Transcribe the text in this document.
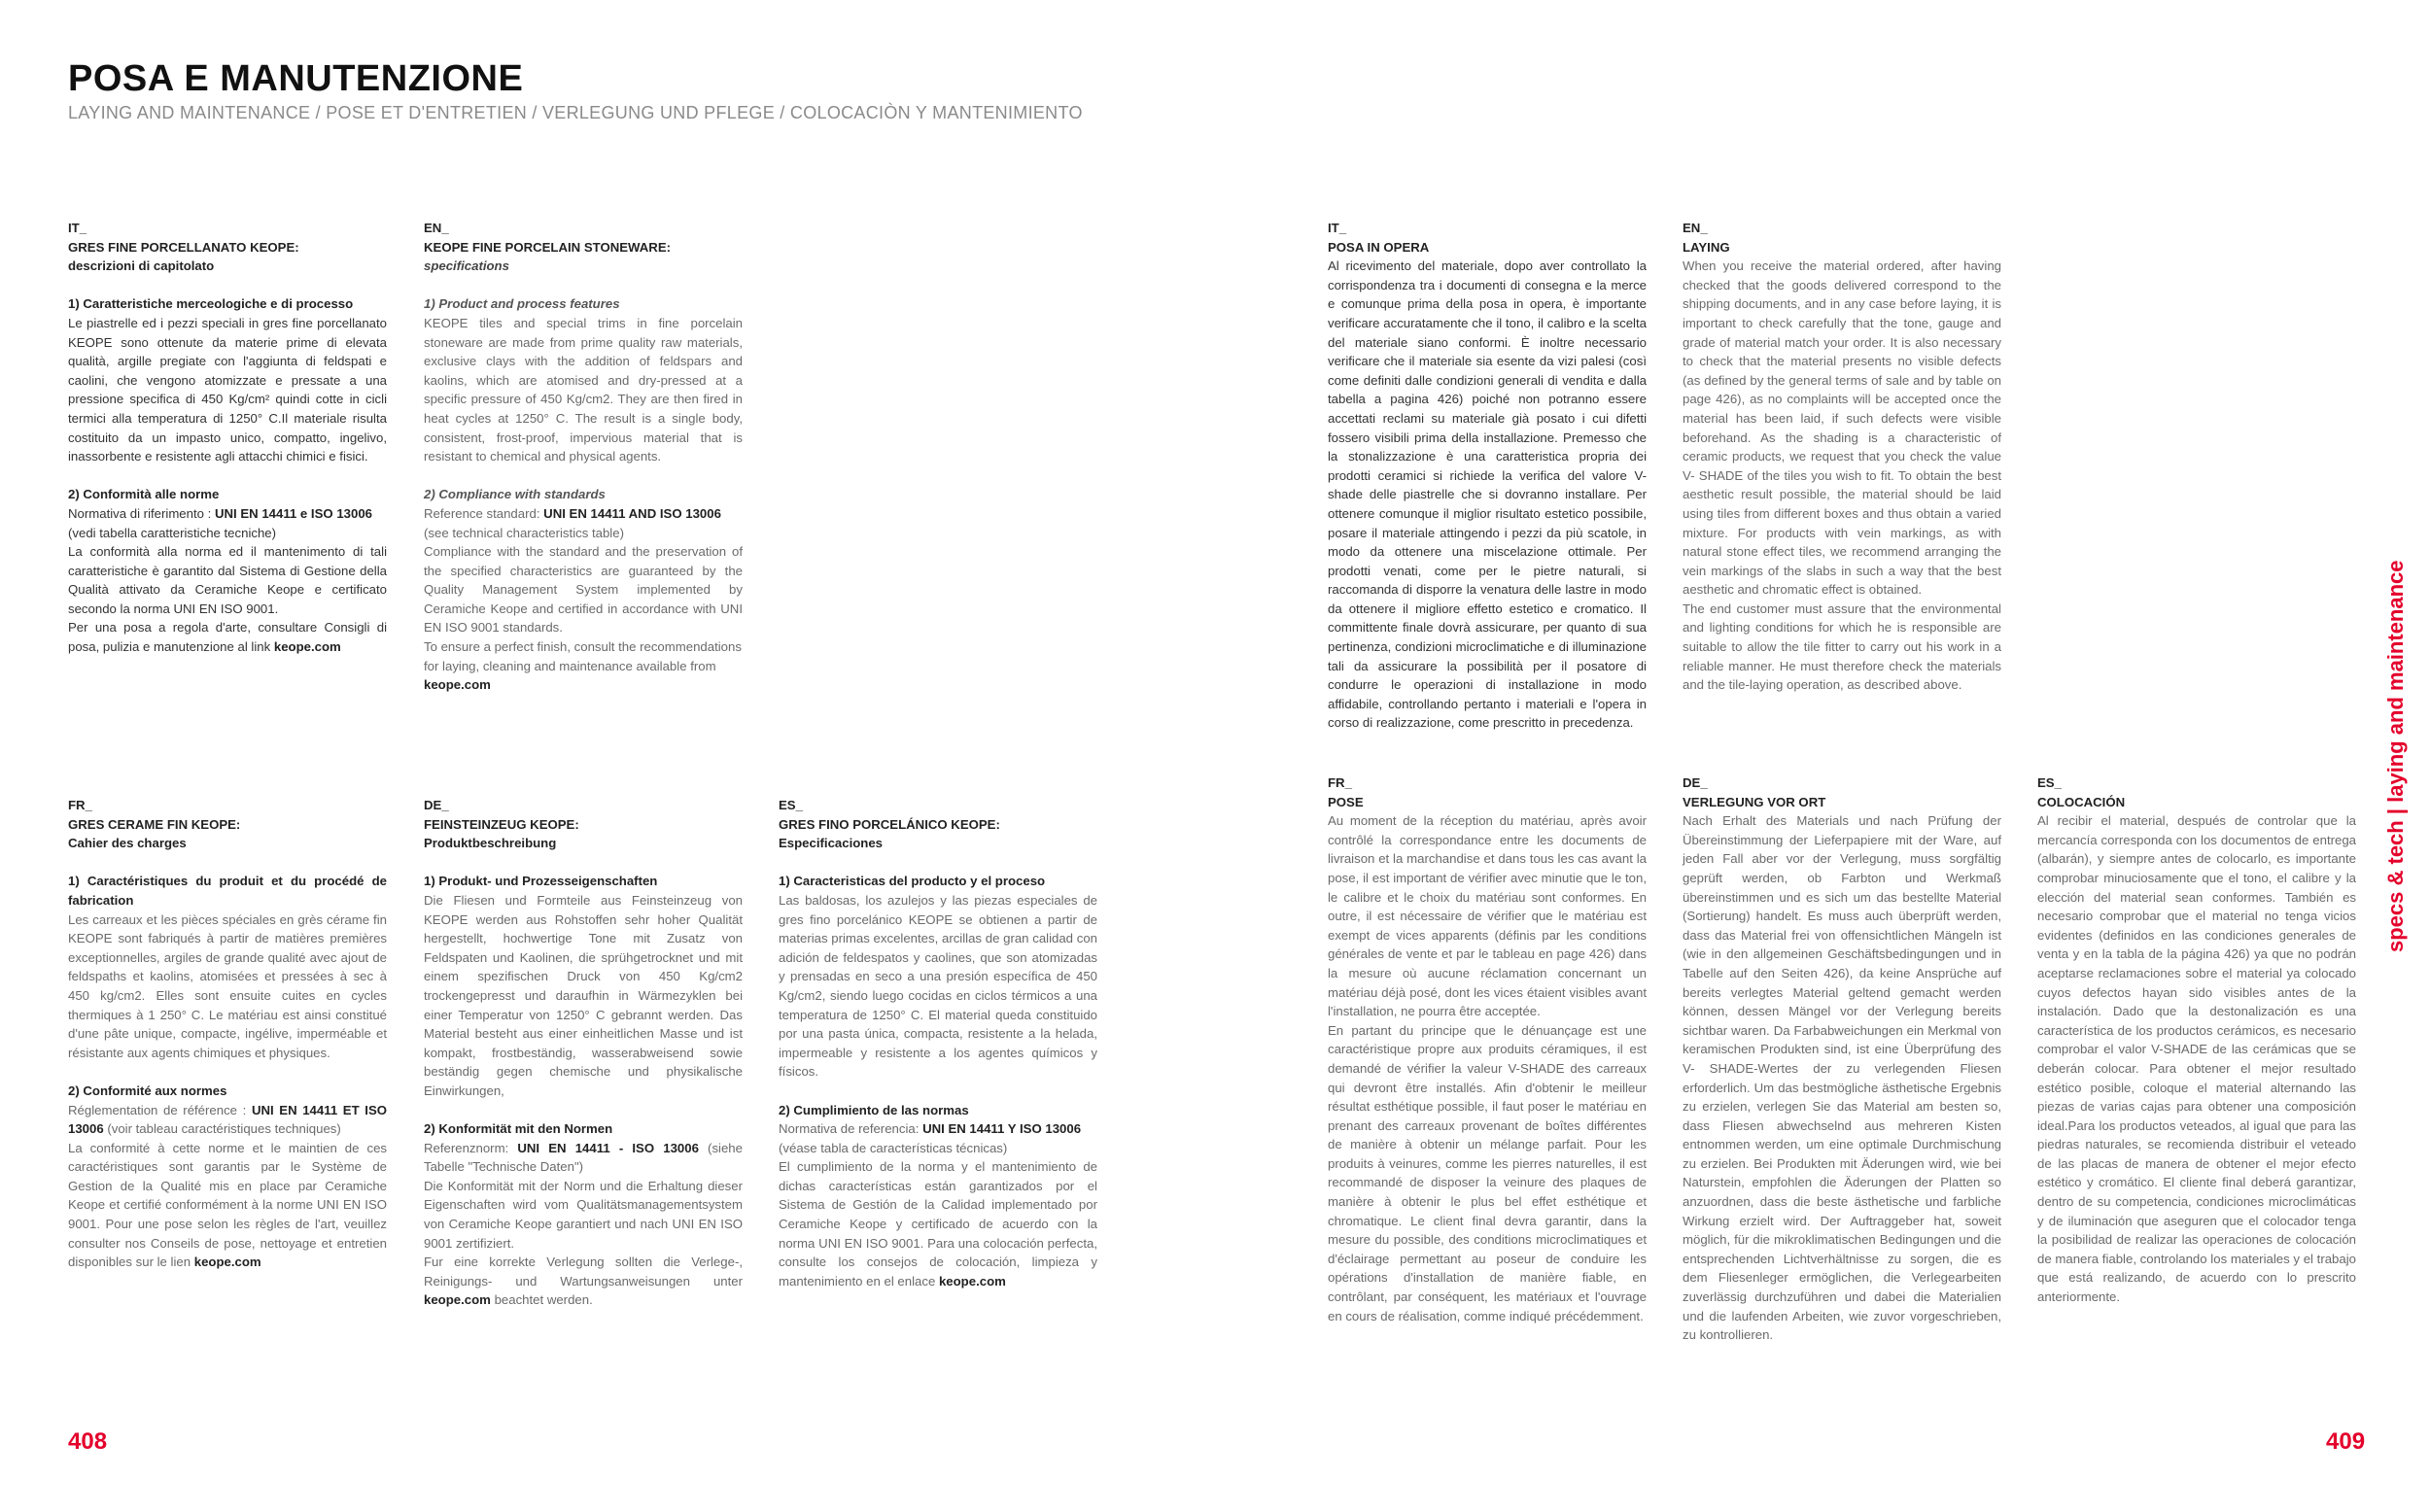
POSA E MANUTENZIONE
LAYING AND MAINTENANCE / POSE ET D'ENTRETIEN / VERLEGUNG UND PFLEGE / COLOCACIÒN Y MANTENIMIENTO
IT_
GRES FINE PORCELLANATO KEOPE:
descrizioni di capitolato
1) Caratteristiche merceologiche e di processo

Le piastrelle ed i pezzi speciali in gres fine porcellanato KEOPE sono ottenute da materie prime di elevata qualità, argille pregiate con l'aggiunta di feldspati e caolini, che vengono atomizzate e pressate a una pressione specifica di 450 Kg/cm² quindi cotte in cicli termici alla temperatura di 1250° C.Il materiale risulta costituito da un impasto unico, compatto, ingelivo, inassorbente e resistente agli attacchi chimici e fisici.

2) Conformità alle norme

Normativa di riferimento : UNI EN 14411 e ISO 13006
(vedi tabella caratteristiche tecniche)

La conformità alla norma ed il mantenimento di tali caratteristiche è garantito dal Sistema di Gestione della Qualità attivato da Ceramiche Keope e certificato secondo la norma UNI EN ISO 9001.

Per una posa a regola d'arte, consultare Consigli di posa, pulizia e manutenzione al link keope.com

EN_
KEOPE FINE PORCELAIN STONEWARE:
specifications
1) Product and process features

KEOPE tiles and special trims in fine porcelain stoneware are made from prime quality raw materials, exclusive clays with the addition of feldspars and kaolins, which are atomised and dry-pressed at a specific pressure of 450 Kg/cm2. They are then fired in heat cycles at 1250° C. The result is a single body, consistent, frost-proof, impervious material that is resistant to chemical and physical agents.

2) Compliance with standards

Reference standard: UNI EN 14411 AND ISO 13006
(see technical characteristics table)

Compliance with the standard and the preservation of the specified characteristics are guaranteed by the Quality Management System implemented by Ceramiche Keope and certified in accordance with UNI EN ISO 9001 standards.

To ensure a perfect finish, consult the recommendations for laying, cleaning and maintenance available from keope.com

FR_
GRES CERAME FIN KEOPE:
Cahier des charges
1) Caractéristiques du produit et du procédé de fabrication

Les carreaux et les pièces spéciales en grès cérame fin KEOPE sont fabriqués à partir de matières premières exceptionnelles, argiles de grande qualité avec ajout de feldspaths et kaolins, atomisées et pressées à sec à 450 kg/cm2. Elles sont ensuite cuites en cycles thermiques à 1 250° C. Le matériau est ainsi constitué d'une pâte unique, compacte, ingélive, imperméable et résistante aux agents chimiques et physiques.

2) Conformité aux normes

Réglementation de référence : UNI EN 14411 ET ISO 13006 (voir tableau caractéristiques techniques)

La conformité à cette norme et le maintien de ces caractéristiques sont garantis par le Système de Gestion de la Qualité mis en place par Ceramiche Keope et certifié conformément à la norme UNI EN ISO 9001. Pour une pose selon les règles de l'art, veuillez consulter nos Conseils de pose, nettoyage et entretien disponibles sur le lien keope.com

DE_
FEINSTEINZEUG KEOPE:
Produktbeschreibung
1) Produkt- und Prozesseigenschaften

Die Fliesen und Formteile aus Feinsteinzeug von KEOPE werden aus Rohstoffen sehr hoher Qualität hergestellt, hochwertige Tone mit Zusatz von Feldspaten und Kaolinen, die sprühgetrocknet und mit einem spezifischen Druck von 450 Kg/cm2 trockengepresst und daraufhin in Wärmezyklen bei einer Temperatur von 1250° C gebrannt werden. Das Material besteht aus einer einheitlichen Masse und ist kompakt, frostbeständig, wasserabweisend sowie beständig gegen chemische und physikalische Einwirkungen,

2) Konformität mit den Normen

Referenznorm: UNI EN 14411 - ISO 13006 (siehe Tabelle "Technische Daten")

Die Konformität mit der Norm und die Erhaltung dieser Eigenschaften wird vom Qualitätsmanagementsystem von Ceramiche Keope garantiert und nach UNI EN ISO 9001 zertifiziert.

Fur eine korrekte Verlegung sollten die Verlege-, Reinigungs- und Wartungsanweisungen unter keope.com beachtet werden.

ES_
GRES FINO PORCELÁNICO KEOPE:
Especificaciones
1) Caracteristicas del producto y el proceso

Las baldosas, los azulejos y las piezas especiales de gres fino porcelánico KEOPE se obtienen a partir de materias primas excelentes, arcillas de gran calidad con adición de feldespatos y caolines, que son atomizadas y prensadas en seco a una presión específica de 450 Kg/cm2, siendo luego cocidas en ciclos térmicos a una temperatura de 1250° C. El material queda constituido por una pasta única, compacta, resistente a la helada, impermeable y resistente a los agentes químicos y físicos.

2) Cumplimiento de las normas

Normativa de referencia: UNI EN 14411 Y ISO 13006
(véase tabla de características técnicas)

El cumplimiento de la norma y el mantenimiento de dichas características están garantizados por el Sistema de Gestión de la Calidad implementado por Ceramiche Keope y certificado de acuerdo con la norma UNI EN ISO 9001. Para una colocación perfecta, consulte los consejos de colocación, limpieza y mantenimiento en el enlace keope.com

IT_
POSA IN OPERA

Al ricevimento del materiale, dopo aver controllato la corrispondenza tra i documenti di consegna e la merce e comunque prima della posa in opera, è importante verificare accuratamente che il tono, il calibro e la scelta del materiale siano conformi. È inoltre necessario verificare che il materiale sia esente da vizi palesi (così come definiti dalle condizioni generali di vendita e dalla tabella a pagina 426) poiché non potranno essere accettati reclami su materiale già posato i cui difetti fossero visibili prima della installazione. Premesso che la stonalizzazione è una caratteristica propria dei prodotti ceramici si richiede la verifica del valore V-shade delle piastrelle che si dovranno installare. Per ottenere comunque il miglior risultato estetico possibile, posare il materiale attingendo i pezzi da più scatole, in modo da ottenere una miscelazione ottimale. Per prodotti venati, come per le pietre naturali, si raccomanda di disporre la venatura delle lastre in modo da ottenere il migliore effetto estetico e cromatico. Il committente finale dovrà assicurare, per quanto di sua pertinenza, condizioni microclimatiche e di illuminazione tali da assicurare la possibilità per il posatore di condurre le operazioni di installazione in modo affidabile, controllando pertanto i materiali e l'opera in corso di realizzazione, come prescritto in precedenza.

EN_
LAYING

When you receive the material ordered, after having checked that the goods delivered correspond to the shipping documents, and in any case before laying, it is important to check carefully that the tone, gauge and grade of material match your order. It is also necessary to check that the material presents no visible defects (as defined by the general terms of sale and by table on page 426), as no complaints will be accepted once the material has been laid, if such defects were visible beforehand. As the shading is a characteristic of ceramic products, we request that you check the value V- SHADE of the tiles you wish to fit. To obtain the best aesthetic result possible, the material should be laid using tiles from different boxes and thus obtain a varied mixture. For products with vein markings, as with natural stone effect tiles, we recommend arranging the vein markings of the slabs in such a way that the best aesthetic and chromatic effect is obtained.

The end customer must assure that the environmental and lighting conditions for which he is responsible are suitable to allow the tile fitter to carry out his work in a reliable manner. He must therefore check the materials and the tile-laying operation, as described above.

FR_
POSE

Au moment de la réception du matériau, après avoir contrôlé la correspondance entre les documents de livraison et la marchandise et dans tous les cas avant la pose, il est important de vérifier avec minutie que le ton, le calibre et le choix du matériau sont conformes. En outre, il est nécessaire de vérifier que le matériau est exempt de vices apparents (définis par les conditions générales de vente et par le tableau en page 426) dans la mesure où aucune réclamation concernant un matériau déjà posé, dont les vices étaient visibles avant l'installation, ne pourra être acceptée.

En partant du principe que le dénuançage est une caractéristique propre aux produits céramiques, il est demandé de vérifier la valeur V-SHADE des carreaux qui devront être installés. Afin d'obtenir le meilleur résultat esthétique possible, il faut poser le matériau en prenant des carreaux provenant de boîtes différentes de manière à obtenir un mélange parfait. Pour les produits à veinures, comme les pierres naturelles, il est recommandé de disposer la veinure des plaques de manière à obtenir le plus bel effet esthétique et chromatique. Le client final devra garantir, dans la mesure du possible, des conditions microclimatiques et d'éclairage permettant au poseur de conduire les opérations d'installation de manière fiable, en contrôlant, par conséquent, les matériaux et l'ouvrage en cours de réalisation, comme indiqué précédemment.

DE_
VERLEGUNG VOR ORT

Nach Erhalt des Materials und nach Prüfung der Übereinstimmung der Lieferpapiere mit der Ware, auf jeden Fall aber vor der Verlegung, muss sorgfältig geprüft werden, ob Farbton und Werkmaß übereinstimmen und es sich um das bestellte Material (Sortierung) handelt. Es muss auch überprüft werden, dass das Material frei von offensichtlichen Mängeln ist (wie in den allgemeinen Geschäftsbedingungen und in Tabelle auf den Seiten 426), da keine Ansprüche auf bereits verlegtes Material geltend gemacht werden können, dessen Mängel vor der Verlegung bereits sichtbar waren. Da Farbabweichungen ein Merkmal von keramischen Produkten sind, ist eine Überprüfung des V- SHADE-Wertes der zu verlegenden Fliesen erforderlich. Um das bestmögliche ästhetische Ergebnis zu erzielen, verlegen Sie das Material am besten so, dass Fliesen abwechselnd aus mehreren Kisten entnommen werden, um eine optimale Durchmischung zu erzielen. Bei Produkten mit Äderungen wird, wie bei Naturstein, empfohlen die Äderungen der Platten so anzuordnen, dass die beste ästhetische und farbliche Wirkung erzielt wird. Der Auftraggeber hat, soweit möglich, für die mikroklimatischen Bedingungen und die entsprechenden Lichtverhältnisse zu sorgen, die es dem Fliesenleger ermöglichen, die Verlegearbeiten zuverlässig durchzuführen und dabei die Materialien und die laufenden Arbeiten, wie zuvor vorgeschrieben, zu kontrollieren.

ES_
COLOCACIÓN

Al recibir el material, después de controlar que la mercancía corresponda con los documentos de entrega (albarán), y siempre antes de colocarlo, es importante comprobar minuciosamente que el tono, el calibre y la elección del material sean conformes. También es necesario comprobar que el material no tenga vicios evidentes (definidos en las condiciones generales de venta y en la tabla de la página 426) ya que no podrán aceptarse reclamaciones sobre el material ya colocado cuyos defectos hayan sido visibles antes de la instalación. Dado que la destonalización es una característica de los productos cerámicos, es necesario comprobar el valor V-SHADE de las cerámicas que se deberán colocar. Para obtener el mejor resultado estético posible, coloque el material alternando las piezas de varias cajas para obtener una composición ideal.Para los productos veteados, al igual que para las piedras naturales, se recomienda distribuir el veteado de las placas de manera de obtener el mejor efecto estético y cromático. El cliente final deberá garantizar, dentro de su competencia, condiciones microclimáticas y de iluminación que aseguren que el colocador tenga la posibilidad de realizar las operaciones de colocación de manera fiable, controlando los materiales y el trabajo que está realizando, de acuerdo con lo prescrito anteriormente.

specs & tech | laying and maintenance
408	409
